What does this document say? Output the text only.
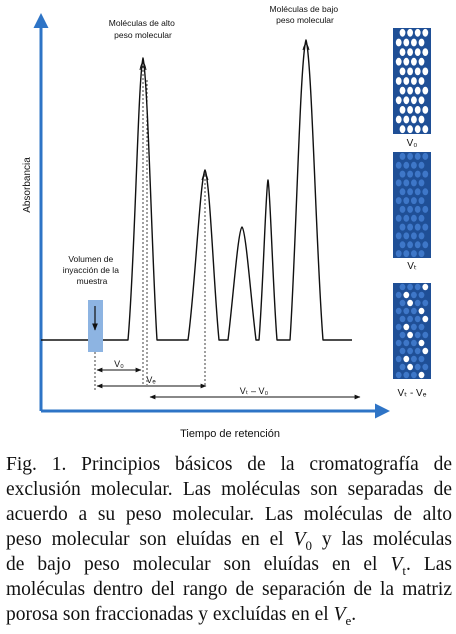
Absorbancia
Tiempo de retención
Moléculas de alto peso molecular
Moléculas de bajo peso molecular
Volumen de inyacción de la muestra
V₀
Vₑ
Vₜ – V₀
V₀
Vₜ
Vₜ - Vₑ
Fig. 1. Principios básicos de la cromatografía de
exclusión molecular. Las moléculas son separadas de
acuerdo a su peso molecular. Las moléculas de alto
peso molecular son eluídas en el $V_0$ y las moléculas
de bajo peso molecular son eluídas en el $V_t$. Las
moléculas dentro del rango de separación de la matriz
porosa son fraccionadas y excluídas en el $V_e$.
